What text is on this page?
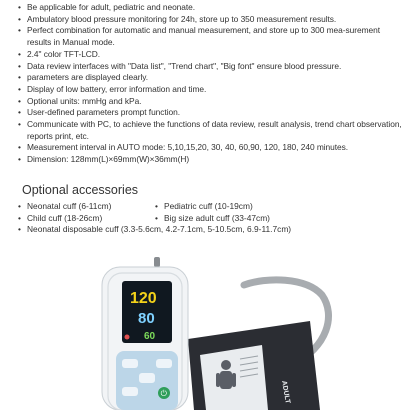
• Be applicable for adult, pediatric and neonate.
• Ambulatory blood pressure monitoring for 24h, store up to 350 measurement results.
• Perfect combination for automatic and manual measurement, and store up to 300 mea-surement results in Manual mode.
• 2.4" color TFT-LCD.
• Data review interfaces with "Data list", "Trend chart", "Big font" ensure blood pressure.
• parameters are displayed clearly.
• Display of low battery, error information and time.
• Optional units: mmHg and kPa.
• User-defined parameters prompt function.
• Communicate with PC, to achieve the functions of data review, result analysis, trend chart observation, reports print, etc.
• Measurement interval in AUTO mode: 5,10,15,20, 30, 40, 60,90, 120, 180, 240 minutes.
• Dimension: 128mm(L)×69mm(W)×36mm(H)
Optional accessories
• Neonatal cuff (6-11cm)	• Pediatric cuff (10-19cm)
• Child cuff (18-26cm)	• Big size adult cuff (33-47cm)
• Neonatal disposable cuff (3.3-5.6cm, 4.2-7.1cm, 5-10.5cm, 6.9-11.7cm)
ADULT
120
80
60
⏻
